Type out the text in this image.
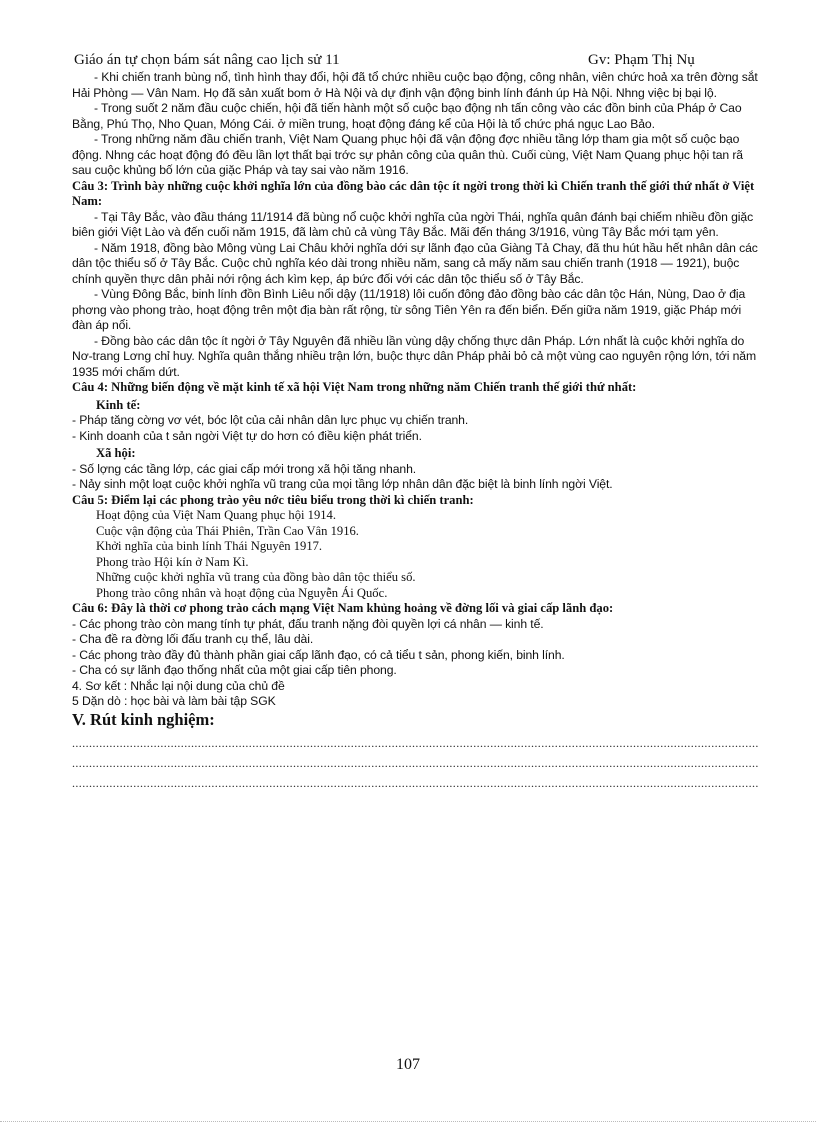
Giáo án tự chọn bám sát nâng cao lịch sử 11	Gv: Phạm Thị Nụ

- Khi chiến tranh bùng nổ, tình hình thay đổi, hội đã tổ chức nhiều cuộc bạo động, công nhân, viên chức hoả xa trên đờng sắt Hải Phòng — Vân Nam. Họ đã sản xuất bom ở Hà Nội và dự định vận động binh lính đánh úp Hà Nội. Nhng việc bị bại lộ.

- Trong suốt 2 năm đầu cuộc chiến, hội đã tiến hành một số cuộc bạo động nh tấn công vào các đồn binh của Pháp ở Cao Bằng, Phú Thọ, Nho Quan, Móng Cái. ở miền trung, hoạt động đáng kể của Hội là tổ chức phá ngục Lao Bảo.

- Trong những năm đầu chiến tranh, Việt Nam Quang phục hội đã vận động đợc nhiều tầng lớp tham gia một số cuộc bạo động. Nhng các hoạt động đó đều lần lợt thất bại trớc sự phản công của quân thù. Cuối cùng, Việt Nam Quang phục hội tan rã sau cuộc khủng bố lớn của giặc Pháp và tay sai vào năm 1916.

Câu 3: Trình bày những cuộc khởi nghĩa lớn của đồng bào các dân tộc ít ngời trong thời kì Chiến tranh thế giới thứ nhất ở Việt Nam:

- Tại Tây Bắc, vào đầu tháng 11/1914 đã bùng nổ cuộc khởi nghĩa của ngời Thái, nghĩa quân đánh bại chiếm nhiều đồn giặc biên giới Việt Lào và đến cuối năm 1915, đã làm chủ cả vùng Tây Bắc. Mãi đến tháng 3/1916, vùng Tây Bắc mới tạm yên.

- Năm 1918, đồng bào Mông vùng Lai Châu khởi nghĩa dới sự lãnh đạo của Giàng Tả Chay, đã thu hút hầu hết nhân dân các dân tộc thiểu số ở Tây Bắc. Cuộc chủ nghĩa kéo dài trong nhiều năm, sang cả mấy năm sau chiến tranh (1918 — 1921), buộc chính quyền thực dân phải nới rộng ách kìm kẹp, áp bức đối với các dân tộc thiểu số ở Tây Bắc.

- Vùng Đông Bắc, binh lính đồn Bình Liêu nổi dậy (11/1918) lôi cuốn đông đảo đồng bào các dân tộc Hán, Nùng, Dao ở địa phơng vào phong trào, hoạt động trên một địa bàn rất rộng, từ sông Tiên Yên ra đến biển. Đến giữa năm 1919, giặc Pháp mới đàn áp nổi.

- Đồng bào các dân tộc ít ngời ở Tây Nguyên đã nhiều lần vùng dậy chống thực dân Pháp. Lớn nhất là cuộc khởi nghĩa do Nơ-trang Lơng chỉ huy. Nghĩa quân thắng nhiều trận lớn, buộc thực dân Pháp phải bỏ cả một vùng cao nguyên rộng lớn, tới năm 1935 mới chấm dứt.

Câu 4: Những biến động về mặt kinh tế xã hội Việt Nam trong những năm Chiến tranh thế giới thứ nhất:

Kinh tế:

- Pháp tăng cờng vơ vét, bóc lột của cải nhân dân lực phục vụ chiến tranh.

- Kinh doanh của t sản ngời Việt tự do hơn có điều kiện phát triển.

Xã hội:

- Số lợng các tầng lớp, các giai cấp mới trong xã hội tăng nhanh.

- Nảy sinh một loạt cuộc khởi nghĩa vũ trang của mọi tầng lớp nhân dân đặc biệt là binh lính ngời Việt.

Câu 5: Điểm lại các phong trào yêu nớc tiêu biểu trong thời kì chiến tranh:

Hoạt động của Việt Nam Quang phục hội 1914.

Cuộc vận động của Thái Phiên, Trần Cao Vân 1916.

Khởi nghĩa của binh lính Thái Nguyên 1917.

Phong trào Hội kín ở Nam Kì.

Những cuộc khởi nghĩa vũ trang của đồng bào dân tộc thiểu số.

Phong trào công nhân và hoạt động của Nguyễn Ái Quốc.

Câu 6: Đây là thời cơ phong trào cách mạng Việt Nam khủng hoảng về đờng lối và giai cấp lãnh đạo:

- Các phong trào còn mang tính tự phát, đấu tranh nặng đòi quyền lợi cá nhân — kinh tế.

- Cha đề ra đờng lối đấu tranh cụ thể, lâu dài.

- Các phong trào đầy đủ thành phần giai cấp lãnh đạo, có cả tiểu t sản, phong kiến, binh lính.

- Cha có sự lãnh đạo thống nhất của một giai cấp tiên phong.

4. Sơ kết : Nhắc lại nội dung của chủ đề

5 Dặn dò : học bài và làm bài tập SGK

V. Rút kinh nghiệm:

..........................................................................................................................................................................................................

..........................................................................................................................................................................................................

..........................................................................................................................................................................................................

107
